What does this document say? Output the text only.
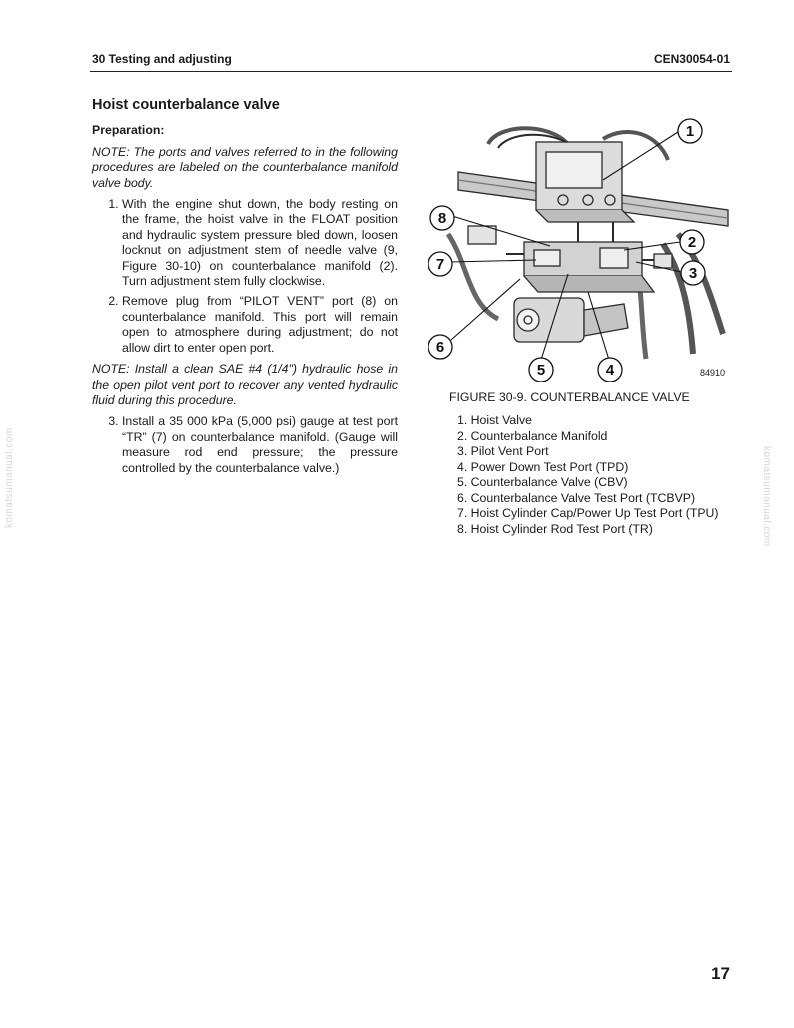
30 Testing and adjusting	CEN30054-01
komatsumanual.com	komatsumanual.com
Hoist counterbalance valve
Preparation:

NOTE: The ports and valves referred to in the following procedures are labeled on the counterbalance manifold valve body.

1. With the engine shut down, the body resting on the frame, the hoist valve in the FLOAT position and hydraulic system pressure bled down, loosen locknut on adjustment stem of needle valve (9, Figure 30-10) on counterbalance manifold (2). Turn adjustment stem fully clockwise.
2. Remove plug from “PILOT VENT” port (8) on counterbalance manifold. This port will remain open to atmosphere during adjustment; do not allow dirt to enter open port.

NOTE: Install a clean SAE #4 (1/4") hydraulic hose in the open pilot vent port to recover any vented hydraulic fluid during this procedure.

3. Install a 35 000 kPa (5,000 psi) gauge at test port “TR” (7) on counterbalance manifold. (Gauge will measure rod end pressure; the pressure controlled by the counterbalance valve.)
1
2
3
4
5
6
7
8
84910
FIGURE 30-9. COUNTERBALANCE VALVE
1. Hoist Valve
2. Counterbalance Manifold
3. Pilot Vent Port
4. Power Down Test Port (TPD)
5. Counterbalance Valve (CBV)
6. Counterbalance Valve Test Port (TCBVP)
7. Hoist Cylinder Cap/Power Up Test Port (TPU)
8. Hoist Cylinder Rod Test Port (TR)
17
